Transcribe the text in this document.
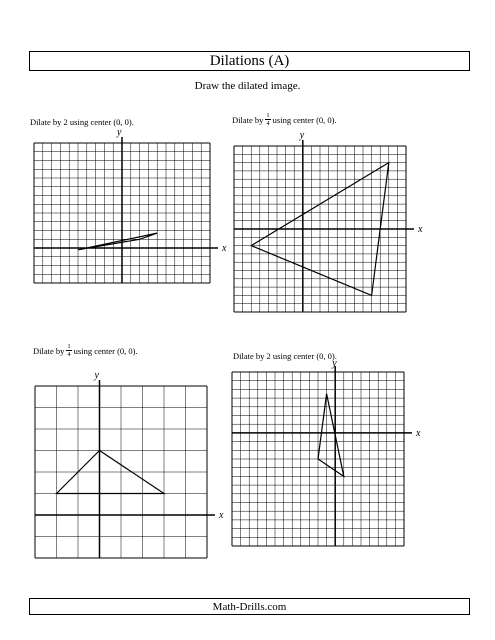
Dilations (A)
Draw the dilated image.
Dilate by 2 using center (0, 0).
x
y
Dilate by $\frac{1}{4}$ using center (0, 0).
x
y
Dilate by $\frac{1}{4}$ using center (0, 0).
x
y
Dilate by 2 using center (0, 0).
x
y
Math-Drills.com
